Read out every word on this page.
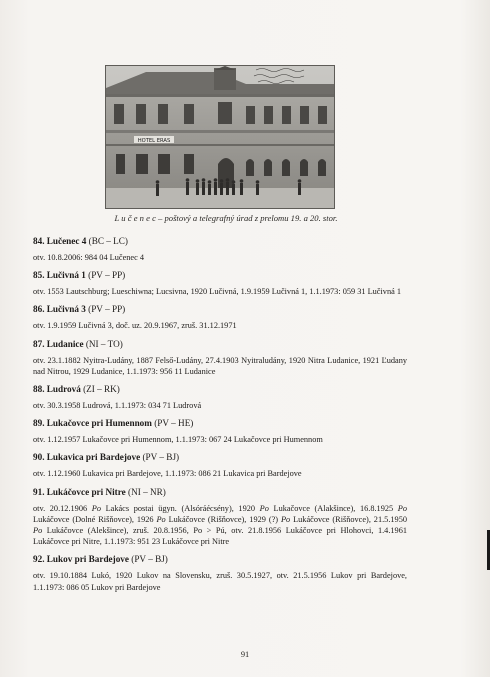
HOTEL ERAS
L u č e n e c – poštový a telegrafný úrad z prelomu 19. a 20. stor.
84. Lučenec 4 (BC – LC)
otv. 10.8.2006: 984 04 Lučenec 4
85. Lučivná 1 (PV – PP)
otv. 1553 Lautschburg; Lueschiwna; Lucsivna, 1920 Lučivná, 1.9.1959 Lučivná 1, 1.1.1973: 059 31 Lučivná 1
86. Lučivná 3 (PV – PP)
otv. 1.9.1959 Lučivná 3, doč. uz. 20.9.1967, zruš. 31.12.1971
87. Ludanice (NI – TO)
otv. 23.1.1882 Nyitra-Ludány, 1887 Felső-Ludány, 27.4.1903 Nyitraludány, 1920 Nitra Ludanice, 1921 Ľudany nad Nitrou, 1929 Ludanice, 1.1.1973: 956 11 Ludanice
88. Ludrová (ZI – RK)
otv. 30.3.1958 Ludrová, 1.1.1973: 034 71 Ludrová
89. Lukačovce pri Humennom (PV – HE)
otv. 1.12.1957 Lukačovce pri Humennom, 1.1.1973: 067 24 Lukačovce pri Humennom
90. Lukavica pri Bardejove (PV – BJ)
otv. 1.12.1960 Lukavica pri Bardejove, 1.1.1973: 086 21 Lukavica pri Bardejove
91. Lukáčovce pri Nitre (NI – NR)
otv. 20.12.1906 Po Lakács postai ügyn. (Alsóráécsény), 1920 Po Lukačovce (Alakšince), 16.8.1925 Po Lukáčovce (Dolné Rišňovce), 1926 Po Lukáčovce (Rišňovce), 1929 (?) Po Lukáčovce (Rišňovce), 21.5.1950 Po Lukáčovce (Alekšince), zruš. 20.8.1956, Po > Pú, otv. 21.8.1956 Lukáčovce pri Hlohovci, 1.4.1961 Lukáčovce pri Nitre, 1.1.1973: 951 23 Lukáčovce pri Nitre
92. Lukov pri Bardejove (PV – BJ)
otv. 19.10.1884 Lukó, 1920 Lukov na Slovensku, zruš. 30.5.1927, otv. 21.5.1956 Lukov pri Bardejove, 1.1.1973: 086 05 Lukov pri Bardejove
91
